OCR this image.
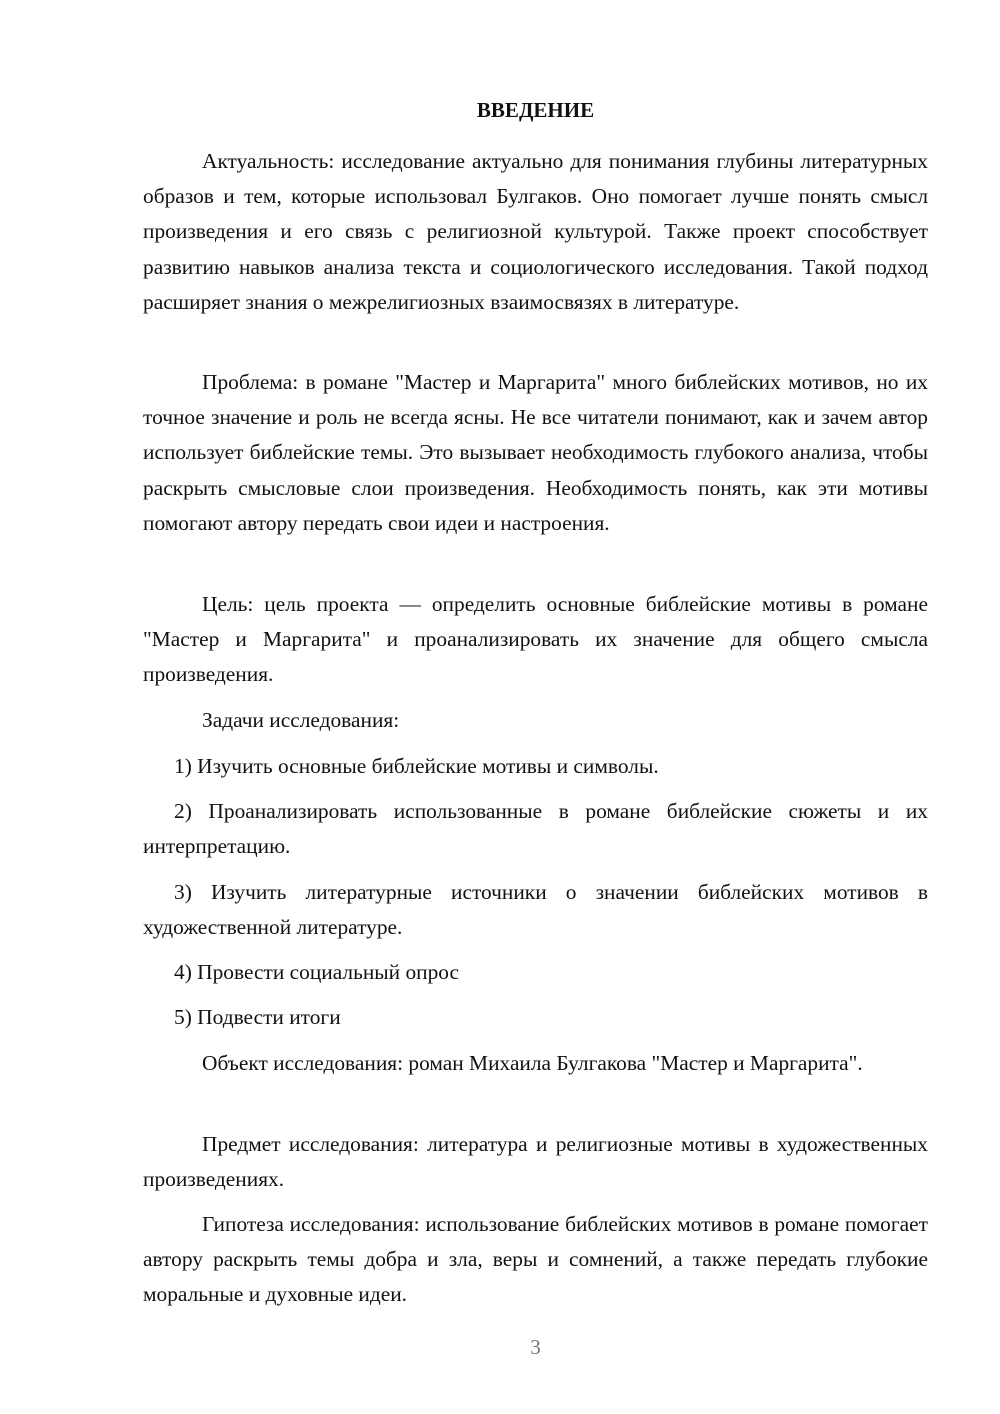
ВВЕДЕНИЕ

Актуальность: исследование актуально для понимания глубины литературных образов и тем, которые использовал Булгаков. Оно помогает лучше понять смысл произведения и его связь с религиозной культурой. Также проект способствует развитию навыков анализа текста и социологического исследования. Такой подход расширяет знания о межрелигиозных взаимосвязях в литературе.

Проблема: в романе "Мастер и Маргарита" много библейских мотивов, но их точное значение и роль не всегда ясны. Не все читатели понимают, как и зачем автор использует библейские темы. Это вызывает необходимость глубокого анализа, чтобы раскрыть смысловые слои произведения. Необходимость понять, как эти мотивы помогают автору передать свои идеи и настроения.

Цель: цель проекта — определить основные библейские мотивы в романе "Мастер и Маргарита" и проанализировать их значение для общего смысла произведения.

Задачи исследования:

1) Изучить основные библейские мотивы и символы.

2) Проанализировать использованные в романе библейские сюжеты и их интерпретацию.

3) Изучить литературные источники о значении библейских мотивов в художественной литературе.

4) Провести социальный опрос

5) Подвести итоги

Объект исследования: роман Михаила Булгакова "Мастер и Маргарита".

Предмет исследования: литература и религиозные мотивы в художественных произведениях.

Гипотеза исследования: использование библейских мотивов в романе помогает автору раскрыть темы добра и зла, веры и сомнений, а также передать глубокие моральные и духовные идеи.

3
